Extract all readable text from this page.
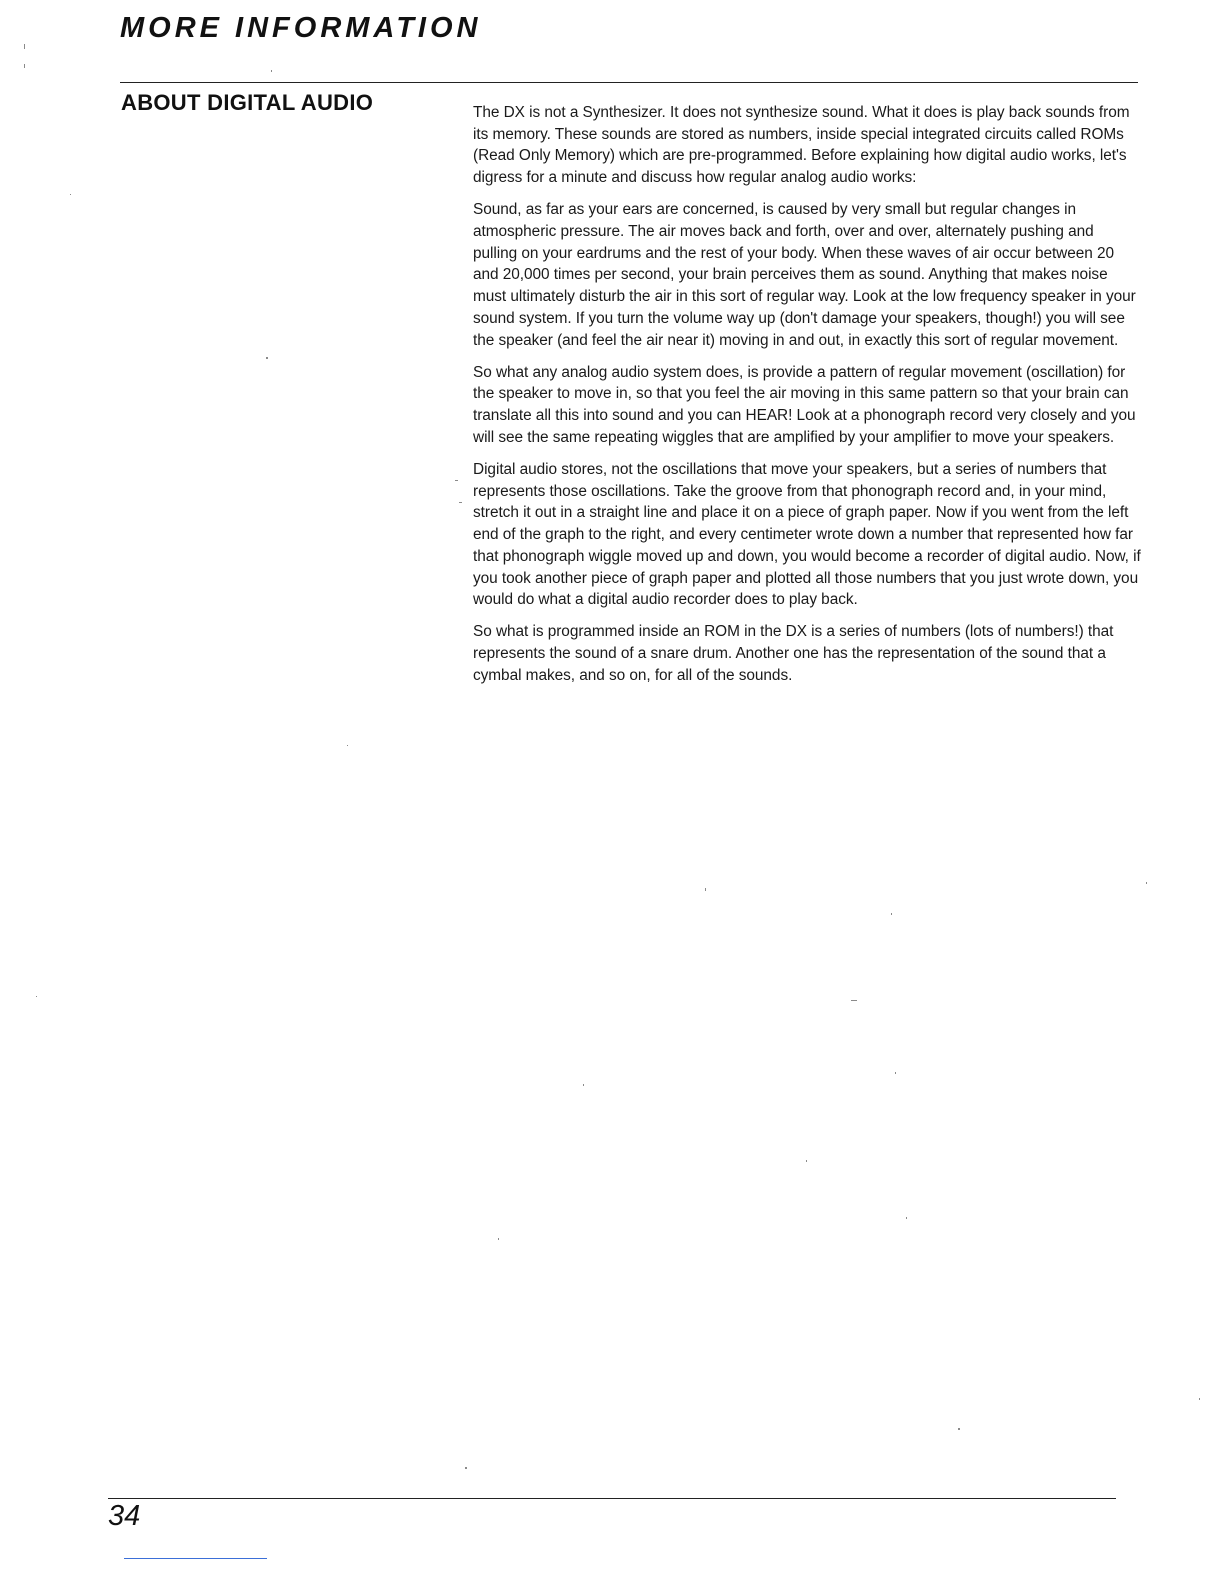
MORE INFORMATION
ABOUT DIGITAL AUDIO	The DX is not a Synthesizer. It does not synthesize sound. What it does is play back sounds from its memory. These sounds are stored as numbers, inside special integrated circuits called ROMs (Read Only Memory) which are pre-programmed. Before explaining how digital audio works, let's digress for a minute and discuss how regular analog audio works:

Sound, as far as your ears are concerned, is caused by very small but regular changes in atmospheric pressure. The air moves back and forth, over and over, alternately pushing and pulling on your eardrums and the rest of your body. When these waves of air occur between 20 and 20,000 times per second, your brain perceives them as sound. Anything that makes noise must ultimately disturb the air in this sort of regular way. Look at the low frequency speaker in your sound system. If you turn the volume way up (don't damage your speakers, though!) you will see the speaker (and feel the air near it) moving in and out, in exactly this sort of regular movement.

So what any analog audio system does, is provide a pattern of regular movement (oscillation) for the speaker to move in, so that you feel the air moving in this same pattern so that your brain can translate all this into sound and you can HEAR! Look at a phonograph record very closely and you will see the same repeating wiggles that are amplified by your amplifier to move your speakers.

Digital audio stores, not the oscillations that move your speakers, but a series of numbers that represents those oscillations. Take the groove from that phonograph record and, in your mind, stretch it out in a straight line and place it on a piece of graph paper. Now if you went from the left end of the graph to the right, and every centimeter wrote down a number that represented how far that phonograph wiggle moved up and down, you would become a recorder of digital audio. Now, if you took another piece of graph paper and plotted all those numbers that you just wrote down, you would do what a digital audio recorder does to play back.

So what is programmed inside an ROM in the DX is a series of numbers (lots of numbers!) that represents the sound of a snare drum. Another one has the representation of the sound that a cymbal makes, and so on, for all of the sounds.

34
